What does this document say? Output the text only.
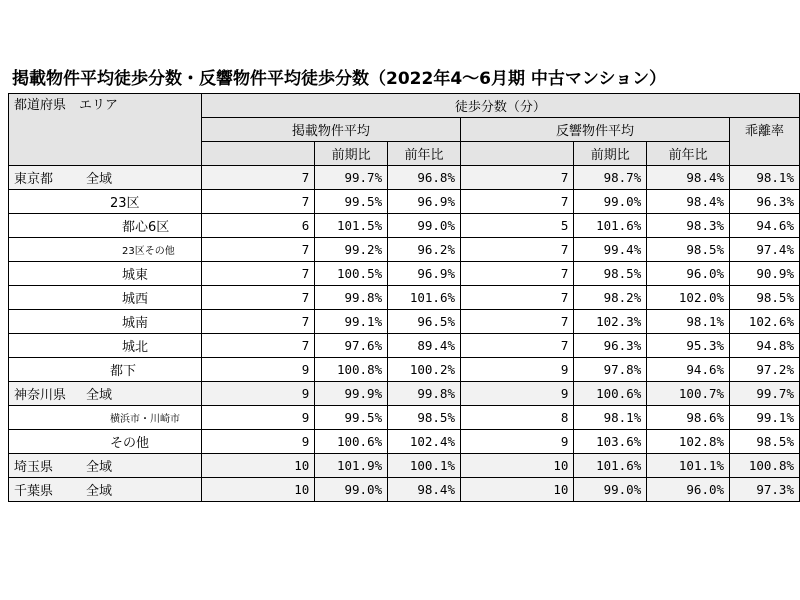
掲載物件平均徒歩分数・反響物件平均徒歩分数（2022年4～6月期 中古マンション）
都道府県　エリア	徒歩分数（分）						
	掲載物件平均			反響物件平均			乖離率
		前期比	前年比		前期比	前年比	
東京都 全域	7	99.7%	96.8%	7	98.7%	98.4%	98.1%
23区	7	99.5%	96.9%	7	99.0%	98.4%	96.3%
都心6区	6	101.5%	99.0%	5	101.6%	98.3%	94.6%
23区その他	7	99.2%	96.2%	7	99.4%	98.5%	97.4%
城東	7	100.5%	96.9%	7	98.5%	96.0%	90.9%
城西	7	99.8%	101.6%	7	98.2%	102.0%	98.5%
城南	7	99.1%	96.5%	7	102.3%	98.1%	102.6%
城北	7	97.6%	89.4%	7	96.3%	95.3%	94.8%
都下	9	100.8%	100.2%	9	97.8%	94.6%	97.2%
神奈川県 全域	9	99.9%	99.8%	9	100.6%	100.7%	99.7%
横浜市・川崎市	9	99.5%	98.5%	8	98.1%	98.6%	99.1%
その他	9	100.6%	102.4%	9	103.6%	102.8%	98.5%
埼玉県 全域	10	101.9%	100.1%	10	101.6%	101.1%	100.8%
千葉県 全域	10	99.0%	98.4%	10	99.0%	96.0%	97.3%
